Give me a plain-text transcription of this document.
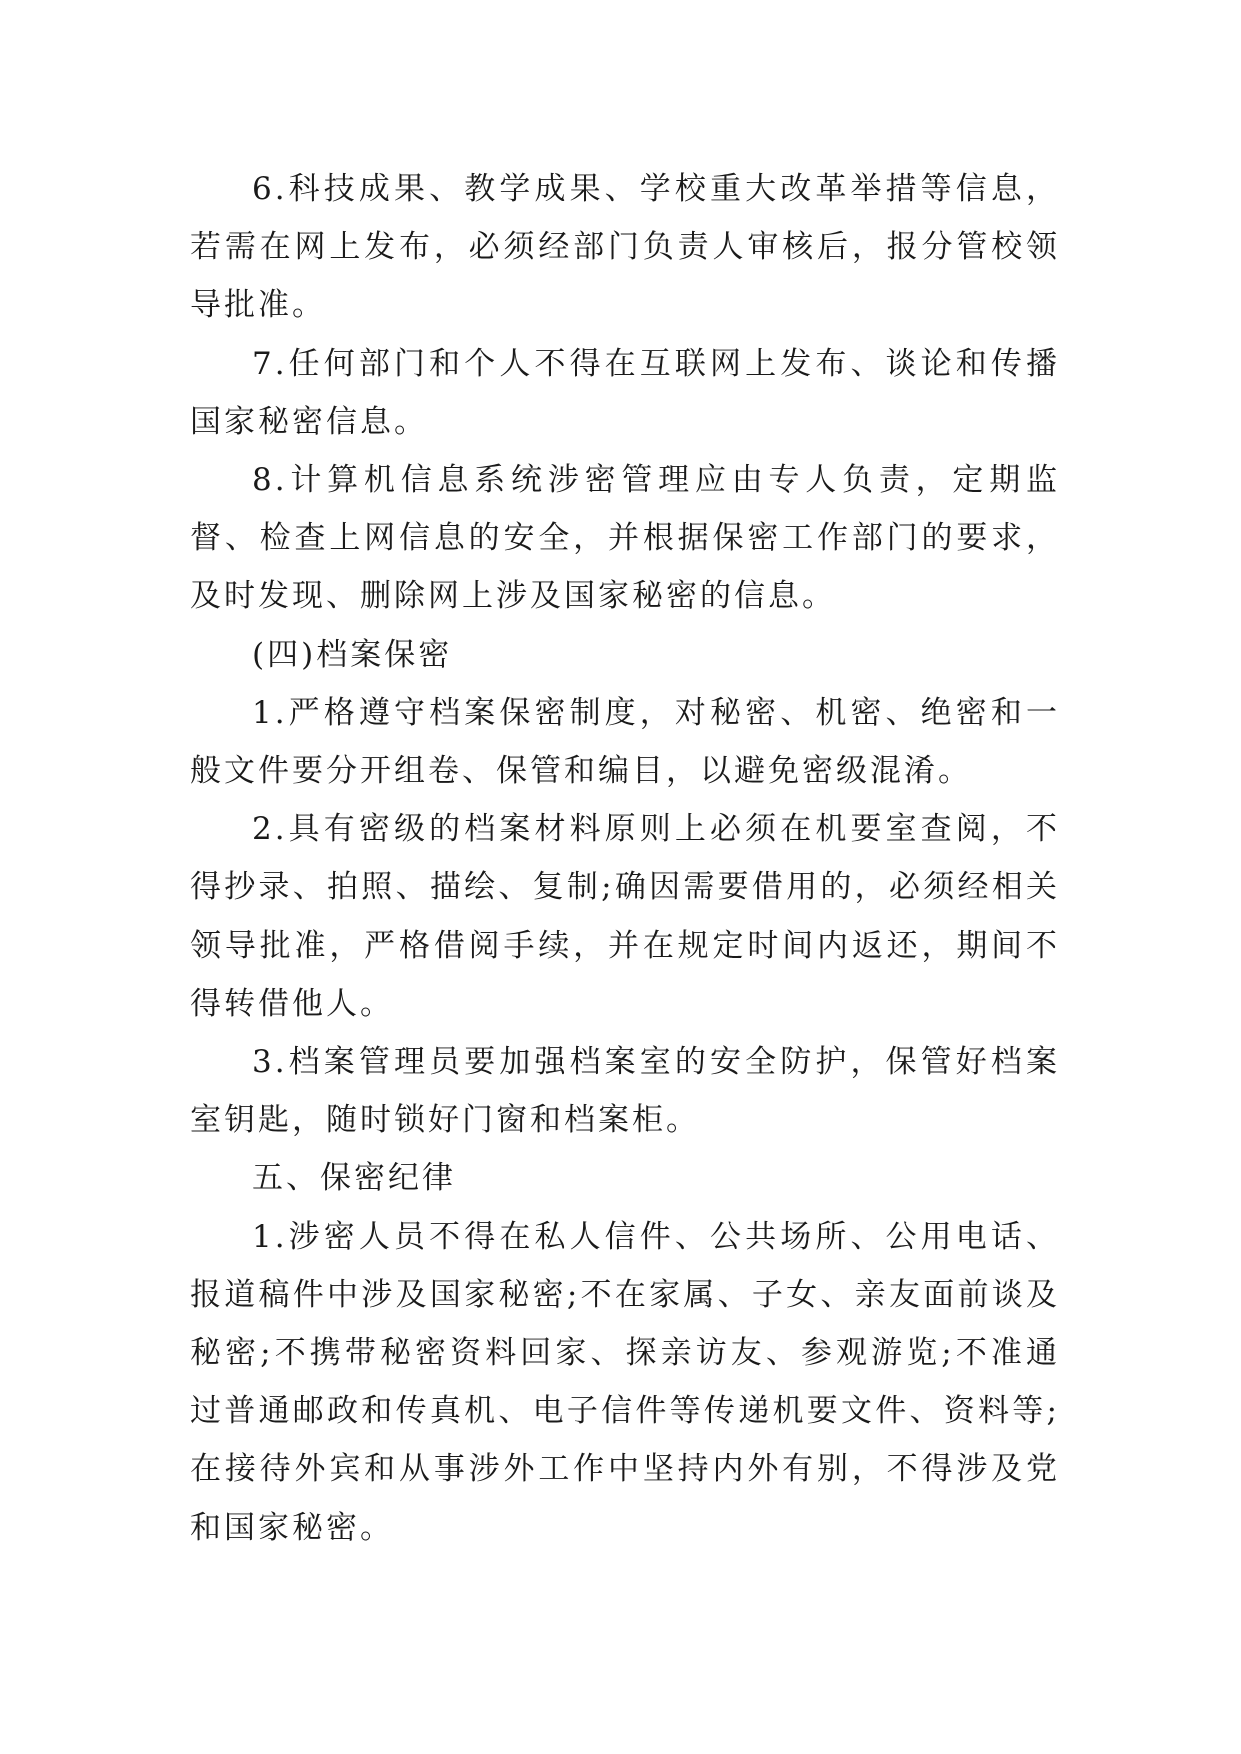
6.科技成果、教学成果、学校重大改革举措等信息，若需在网上发布，必须经部门负责人审核后，报分管校领导批准。

7.任何部门和个人不得在互联网上发布、谈论和传播国家秘密信息。

8.计算机信息系统涉密管理应由专人负责，定期监督、检查上网信息的安全，并根据保密工作部门的要求，及时发现、删除网上涉及国家秘密的信息。

(四)档案保密

1.严格遵守档案保密制度，对秘密、机密、绝密和一般文件要分开组卷、保管和编目，以避免密级混淆。

2.具有密级的档案材料原则上必须在机要室查阅，不得抄录、拍照、描绘、复制;确因需要借用的，必须经相关领导批准，严格借阅手续，并在规定时间内返还，期间不得转借他人。

3.档案管理员要加强档案室的安全防护，保管好档案室钥匙，随时锁好门窗和档案柜。

五、保密纪律

1.涉密人员不得在私人信件、公共场所、公用电话、报道稿件中涉及国家秘密;不在家属、子女、亲友面前谈及秘密;不携带秘密资料回家、探亲访友、参观游览;不准通过普通邮政和传真机、电子信件等传递机要文件、资料等;在接待外宾和从事涉外工作中坚持内外有别，不得涉及党和国家秘密。
